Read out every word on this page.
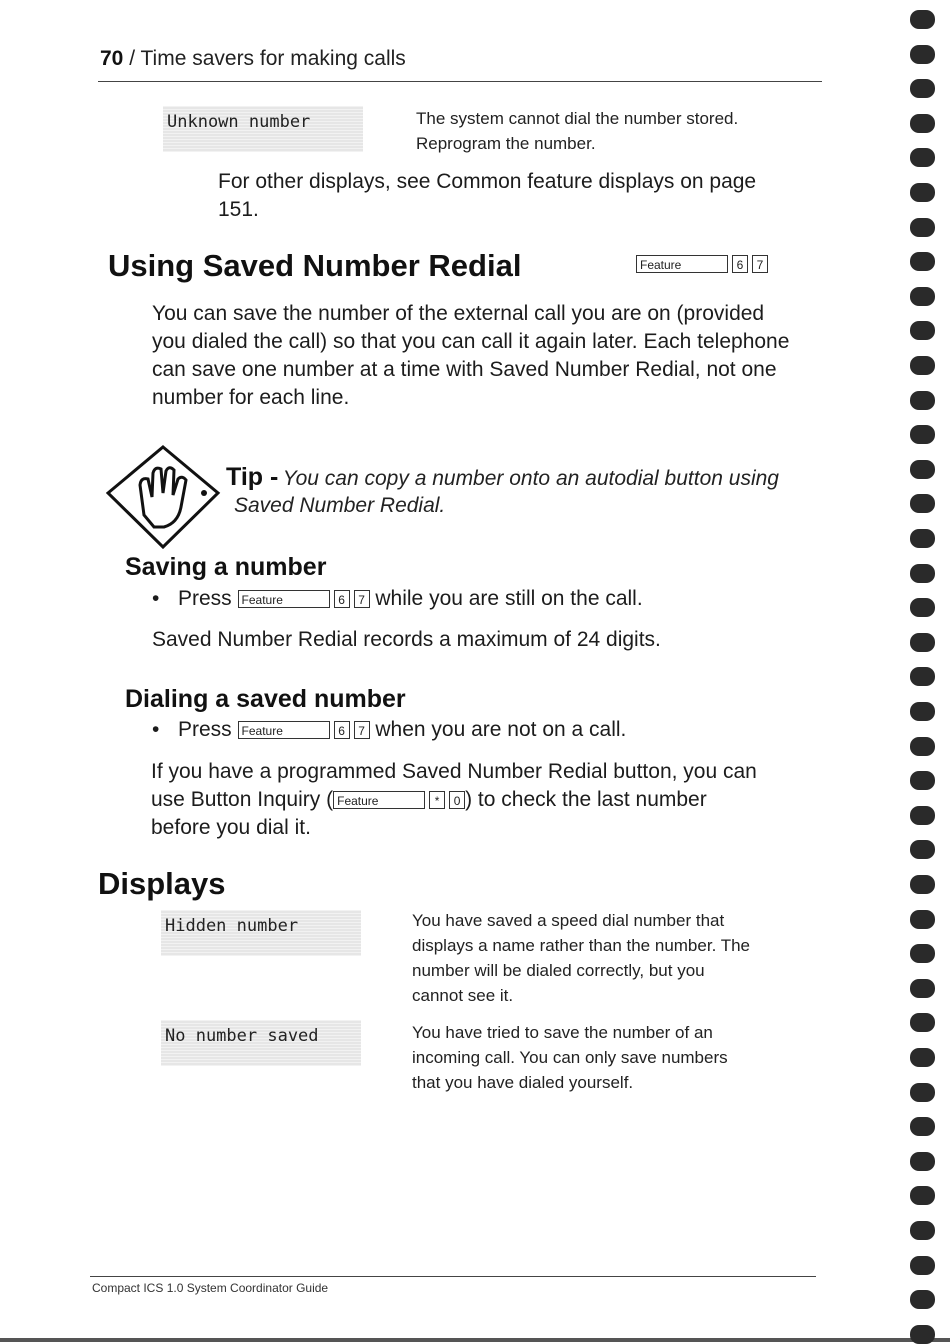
70 / Time savers for making calls
Unknown number	The system cannot dial the number stored.
Reprogram the number.
For other displays, see Common feature displays on page
151.
Using Saved Number Redial	Feature	6 7
You can save the number of the external call you are on (provided
you dialed the call) so that you can call it again later. Each telephone
can save one number at a time with Saved Number Redial, not one
number for each line.
Tip - You can copy a number onto an autodial button using
Saved Number Redial.
Saving a number
• Press Feature	6 7 while you are still on the call.
Saved Number Redial records a maximum of 24 digits.
Dialing a saved number
• Press Feature	6 7 when you are not on a call.
If you have a programmed Saved Number Redial button, you can
use Button Inquiry ( Feature	* 0 ) to check the last number
before you dial it.
Displays
Hidden number	You have saved a speed dial number that
displays a name rather than the number. The
number will be dialed correctly, but you
cannot see it.
No number saved	You have tried to save the number of an
incoming call. You can only save numbers
that you have dialed yourself.
Compact ICS 1.0 System Coordinator Guide
